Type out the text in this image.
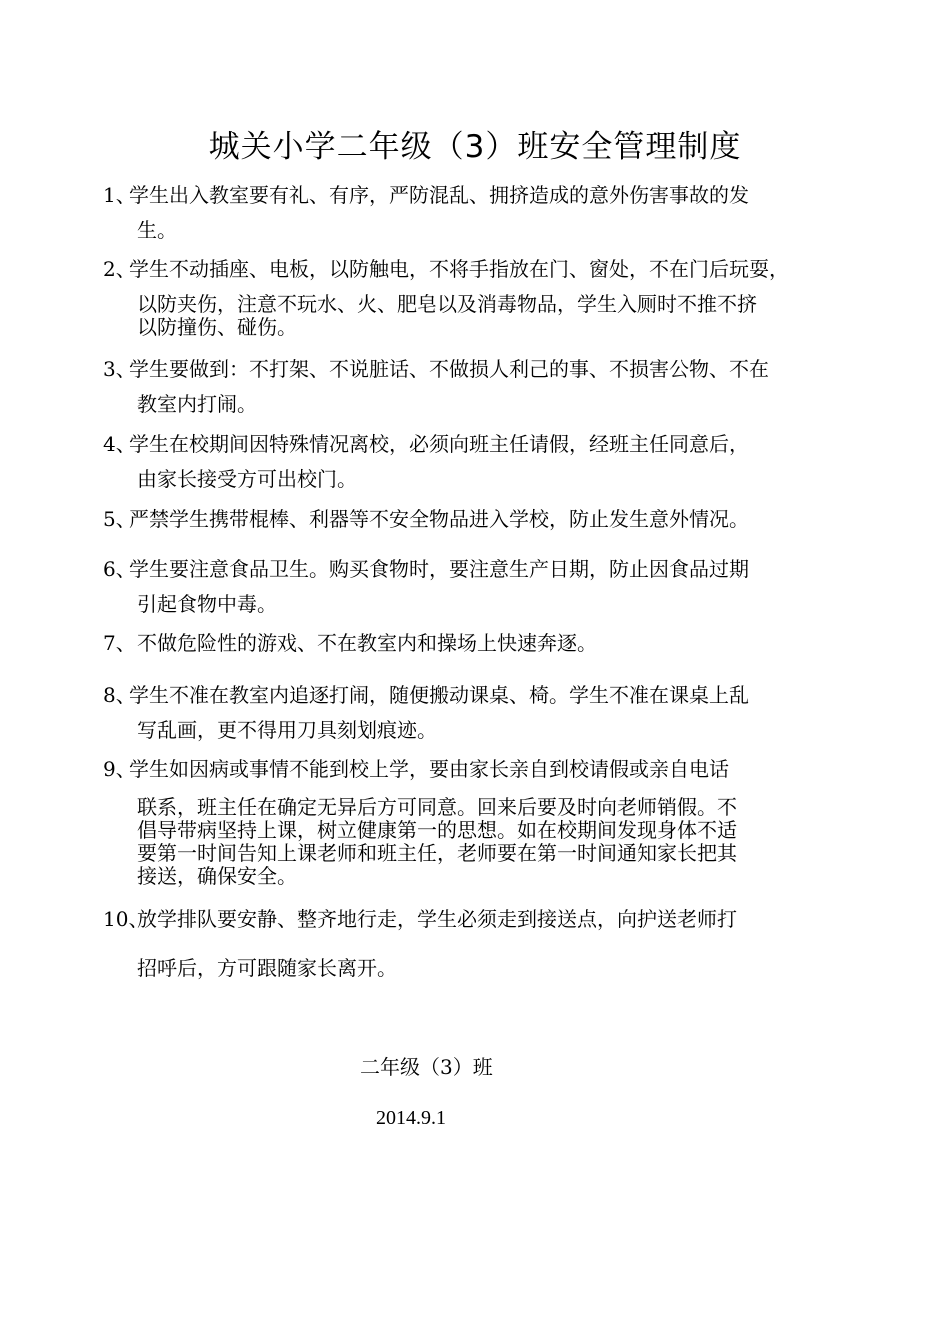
城关小学二年级（3）班安全管理制度
1、
学生出入教室要有礼、有序，严防混乱、拥挤造成的意外伤害事故的发
生。
2、
学生不动插座、电板，以防触电，不将手指放在门、窗处，不在门后玩耍，
以防夹伤，注意不玩水、火、肥皂以及消毒物品，学生入厕时不推不挤
以防撞伤、碰伤。
3、
学生要做到：不打架、不说脏话、不做损人利己的事、不损害公物、不在
教室内打闹。
4、
学生在校期间因特殊情况离校，必须向班主任请假，经班主任同意后，
由家长接受方可出校门。
5、
严禁学生携带棍棒、利器等不安全物品进入学校，防止发生意外情况。
6、
学生要注意食品卫生。购买食物时，要注意生产日期，防止因食品过期
引起食物中毒。
7、 不做危险性的游戏、不在教室内和操场上快速奔逐。
8、
学生不准在教室内追逐打闹，随便搬动课桌、椅。学生不准在课桌上乱
写乱画，更不得用刀具刻划痕迹。
9、
学生如因病或事情不能到校上学，要由家长亲自到校请假或亲自电话
联系，班主任在确定无异后方可同意。回来后要及时向老师销假。不
倡导带病坚持上课，树立健康第一的思想。如在校期间发现身体不适
要第一时间告知上课老师和班主任，老师要在第一时间通知家长把其
接送，确保安全。
10、
放学排队要安静、整齐地行走，学生必须走到接送点，向护送老师打
招呼后，方可跟随家长离开。
二年级（3）班
2014.9.1
